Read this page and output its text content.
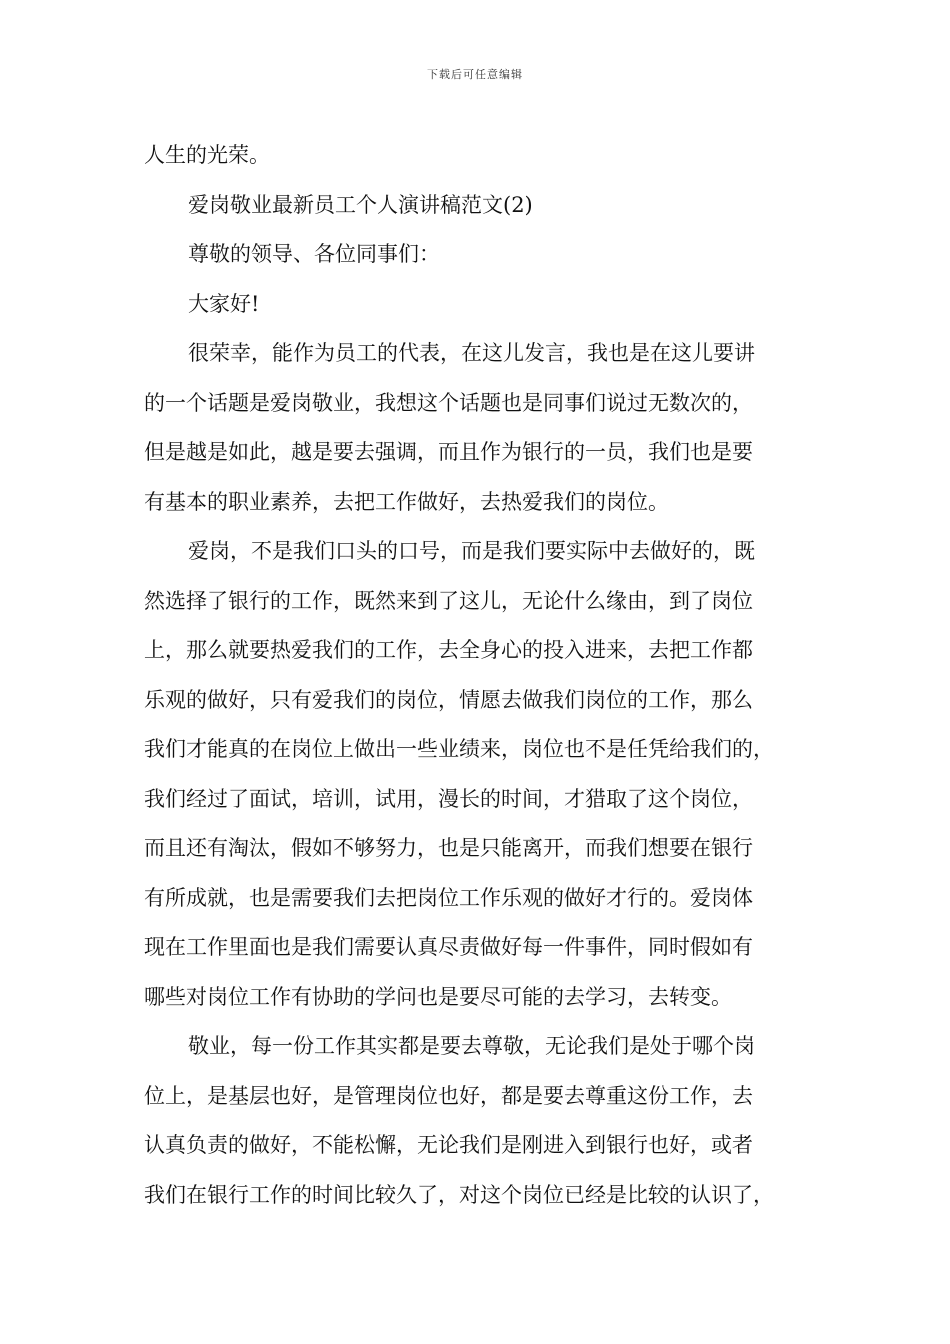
下载后可任意编辑
人生的光荣。
爱岗敬业最新员工个人演讲稿范文(2)
尊敬的领导、各位同事们：
大家好!
很荣幸，能作为员工的代表，在这儿发言，我也是在这儿要讲
的一个话题是爱岗敬业，我想这个话题也是同事们说过无数次的，
但是越是如此，越是要去强调，而且作为银行的一员，我们也是要
有基本的职业素养，去把工作做好，去热爱我们的岗位。
爱岗，不是我们口头的口号，而是我们要实际中去做好的，既
然选择了银行的工作，既然来到了这儿，无论什么缘由，到了岗位
上，那么就要热爱我们的工作，去全身心的投入进来，去把工作都
乐观的做好，只有爱我们的岗位，情愿去做我们岗位的工作，那么
我们才能真的在岗位上做出一些业绩来，岗位也不是任凭给我们的，
我们经过了面试，培训，试用，漫长的时间，才猎取了这个岗位，
而且还有淘汰，假如不够努力，也是只能离开，而我们想要在银行
有所成就，也是需要我们去把岗位工作乐观的做好才行的。爱岗体
现在工作里面也是我们需要认真尽责做好每一件事件，同时假如有
哪些对岗位工作有协助的学问也是要尽可能的去学习，去转变。
敬业，每一份工作其实都是要去尊敬，无论我们是处于哪个岗
位上，是基层也好，是管理岗位也好，都是要去尊重这份工作，去
认真负责的做好，不能松懈，无论我们是刚进入到银行也好，或者
我们在银行工作的时间比较久了，对这个岗位已经是比较的认识了，
